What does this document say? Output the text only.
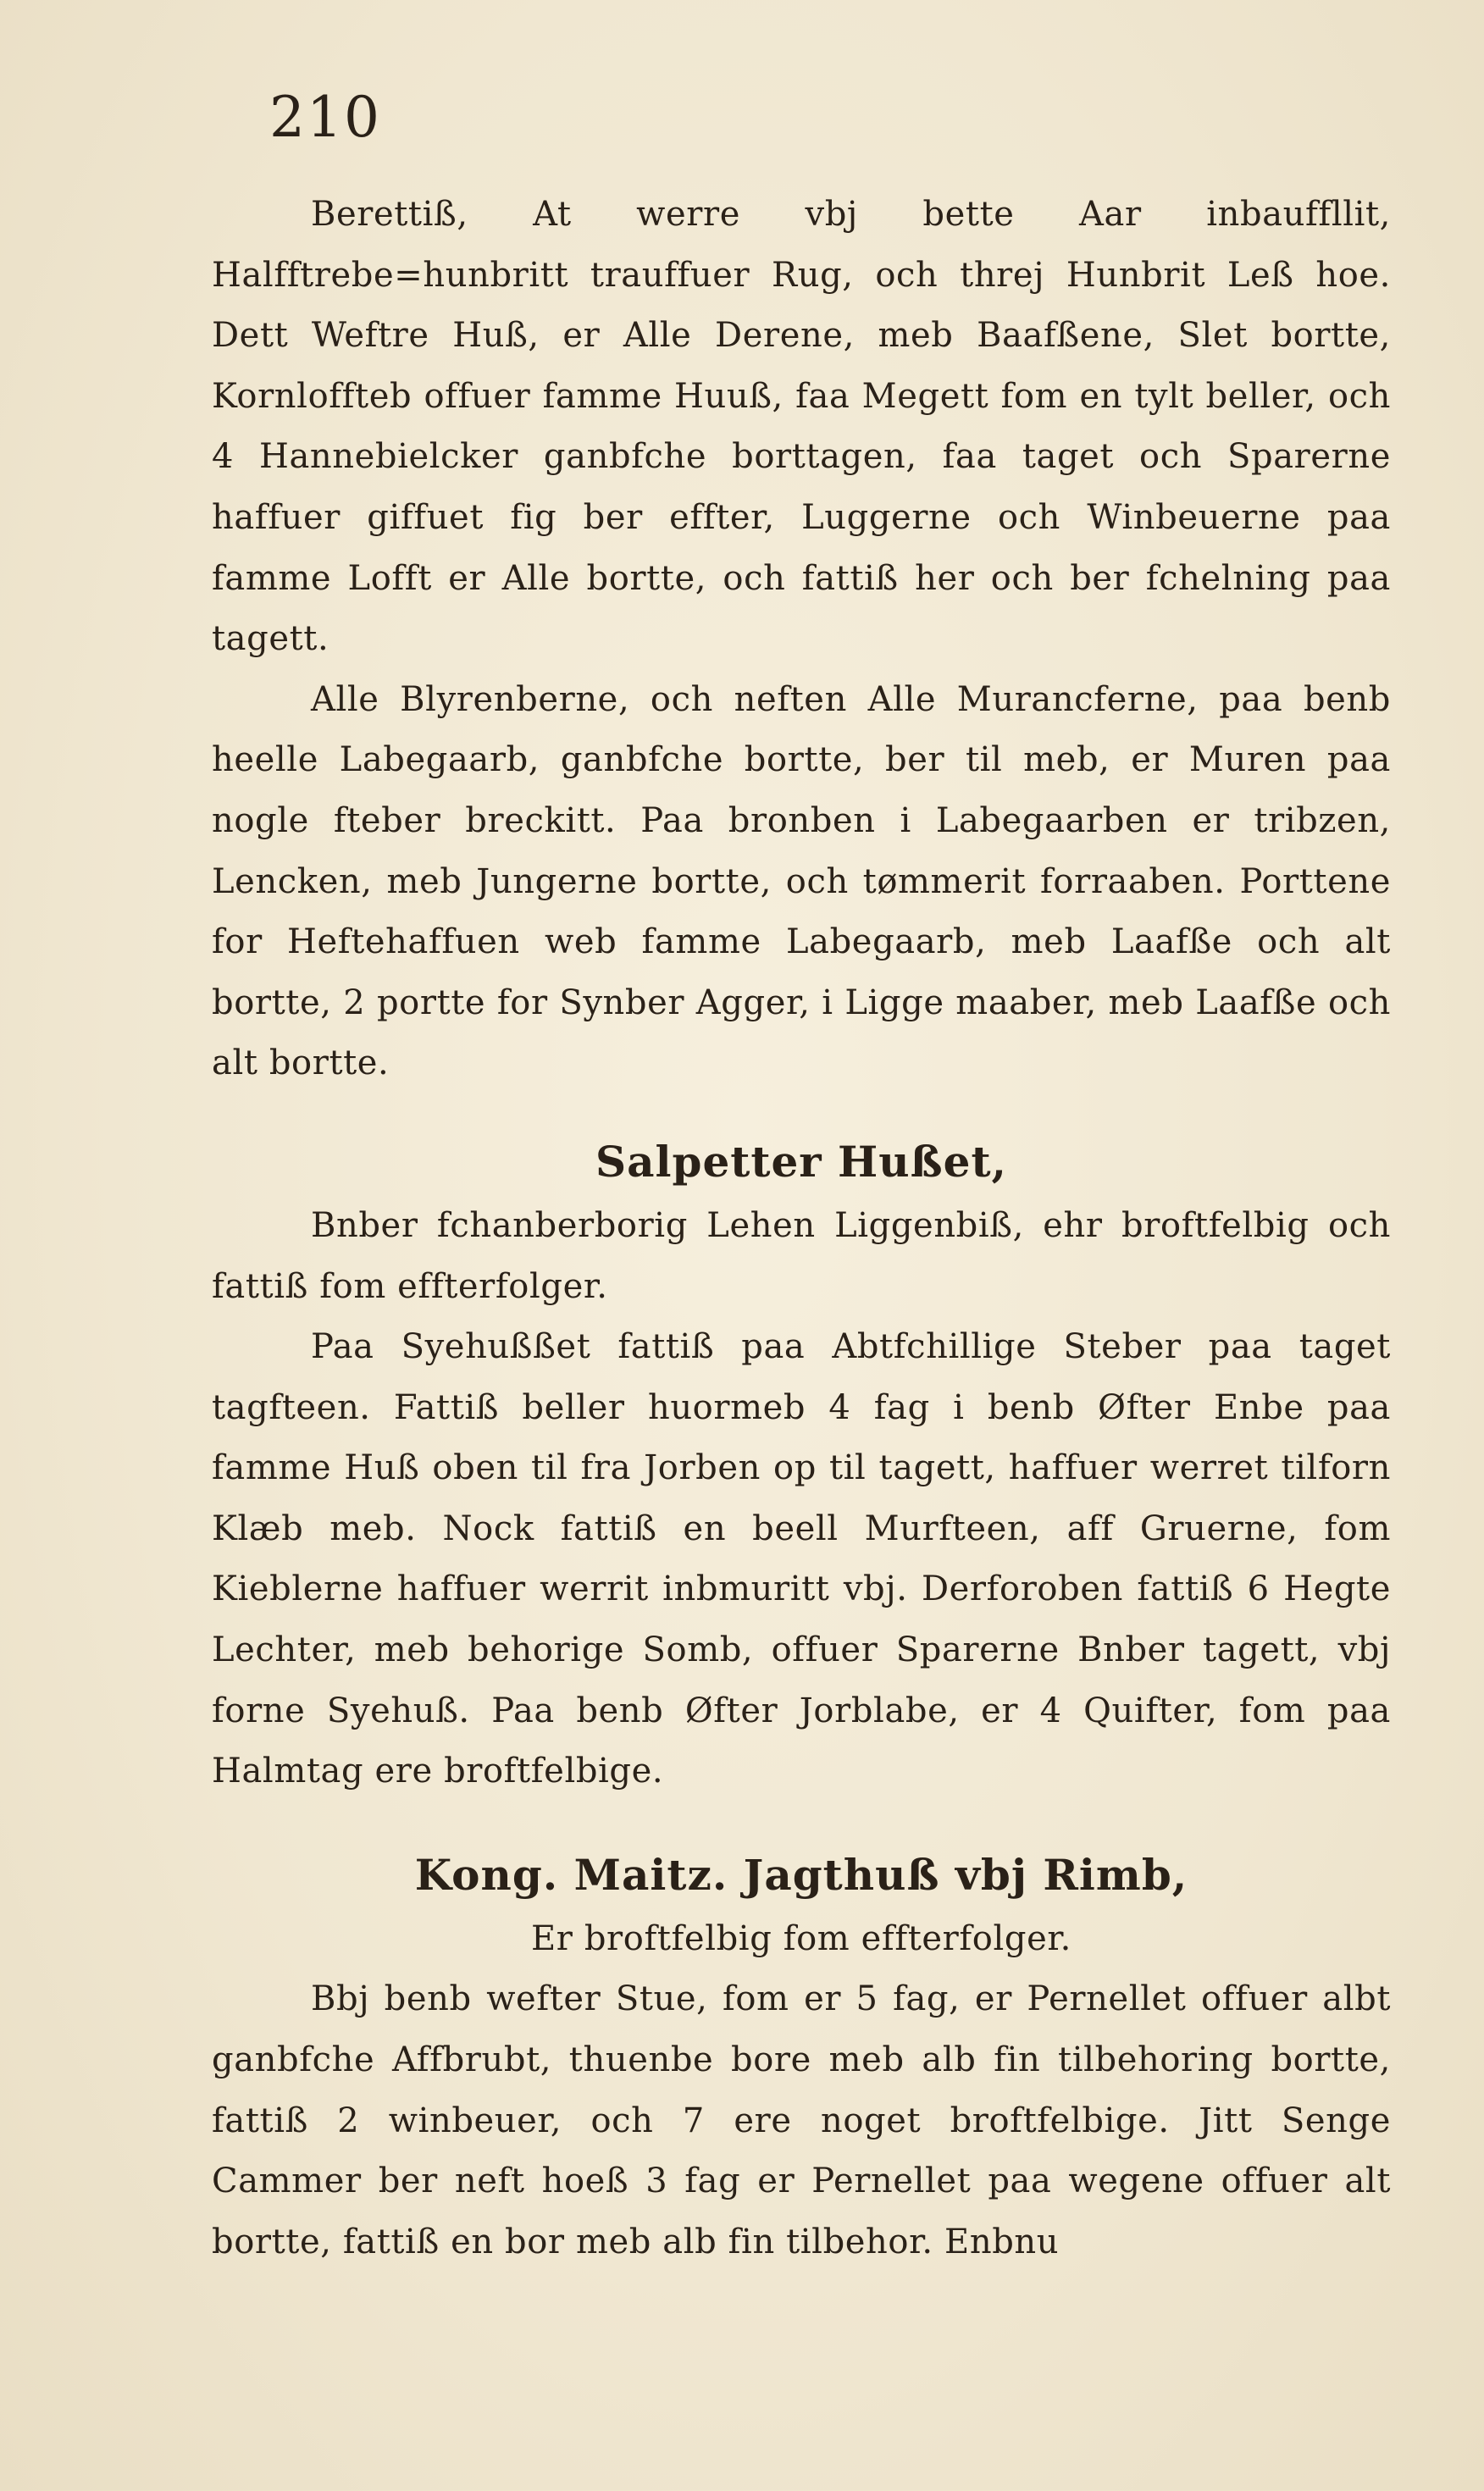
210

Berettiß, At werre vbj bette Aar inbauffllit, Halfftrebe=hunbritt trauffuer Rug, och threj Hunbrit Leß hoe. Dett Weftre Huß, er Alle Derene, meb Baafßene, Slet bortte, Kornloffteb offuer famme Huuß, faa Megett fom en tylt beller, och 4 Hannebielcker ganbfche borttagen, faa taget och Sparerne haffuer giffuet fig ber effter, Luggerne och Winbeuerne paa famme Lofft er Alle bortte, och fattiß her och ber fchelning paa tagett.

Alle Blyrenberne, och neften Alle Murancferne, paa benb heelle Labegaarb, ganbfche bortte, ber til meb, er Muren paa nogle fteber breckitt. Paa bronben i Labegaarben er tribzen, Lencken, meb Jungerne bortte, och tømmerit forraaben. Porttene for Heftehaffuen web famme Labegaarb, meb Laafße och alt bortte, 2 portte for Synber Agger, i Ligge maaber, meb Laafße och alt bortte.

Salpetter Hußet,

Bnber fchanberborig Lehen Liggenbiß, ehr broftfelbig och fattiß fom effterfolger.

Paa Syehußßet fattiß paa Abtfchillige Steber paa taget tagfteen. Fattiß beller huormeb 4 fag i benb Øfter Enbe paa famme Huß oben til fra Jorben op til tagett, haffuer werret tilforn Klæb meb. Nock fattiß en beell Murfteen, aff Gruerne, fom Kieblerne haffuer werrit inbmuritt vbj. Derforoben fattiß 6 Hegte Lechter, meb behorige Somb, offuer Sparerne Bnber tagett, vbj forne Syehuß. Paa benb Øfter Jorblabe, er 4 Quifter, fom paa Halmtag ere broftfelbige.

Kong. Maitz. Jagthuß vbj Rimb,

Er broftfelbig fom effterfolger.

Bbj benb wefter Stue, fom er 5 fag, er Pernellet offuer albt ganbfche Affbrubt, thuenbe bore meb alb fin tilbehoring bortte, fattiß 2 winbeuer, och 7 ere noget broftfelbige. Jitt Senge Cammer ber neft hoeß 3 fag er Pernellet paa wegene offuer alt bortte, fattiß en bor meb alb fin tilbehor. Enbnu
